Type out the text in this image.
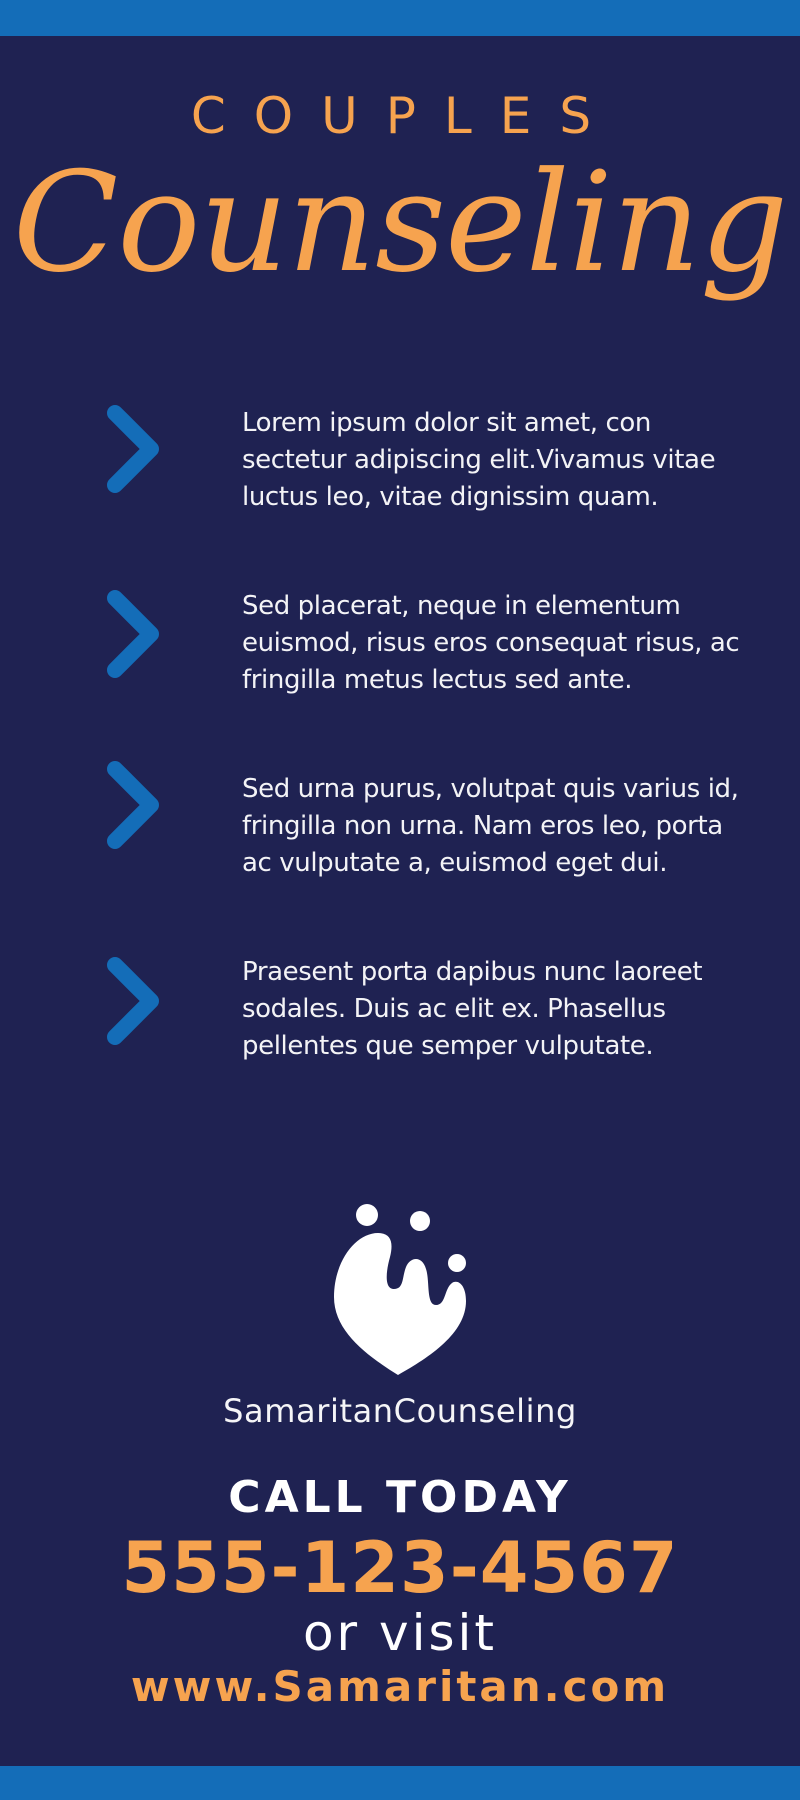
COUPLES
Counseling
Lorem ipsum dolor sit amet, con sectetur adipiscing elit.Vivamus vitae luctus leo, vitae dignissim quam.
Sed placerat, neque in elementum euismod, risus eros consequat risus, ac fringilla metus lectus sed ante.
Sed urna purus, volutpat quis varius id, fringilla non urna. Nam eros leo, porta ac vulputate a, euismod eget dui.
Praesent porta dapibus nunc laoreet sodales. Duis ac elit ex. Phasellus pellentes que semper vulputate.
SamaritanCounseling
CALL TODAY
555-123-4567
or visit
www.Samaritan.com
